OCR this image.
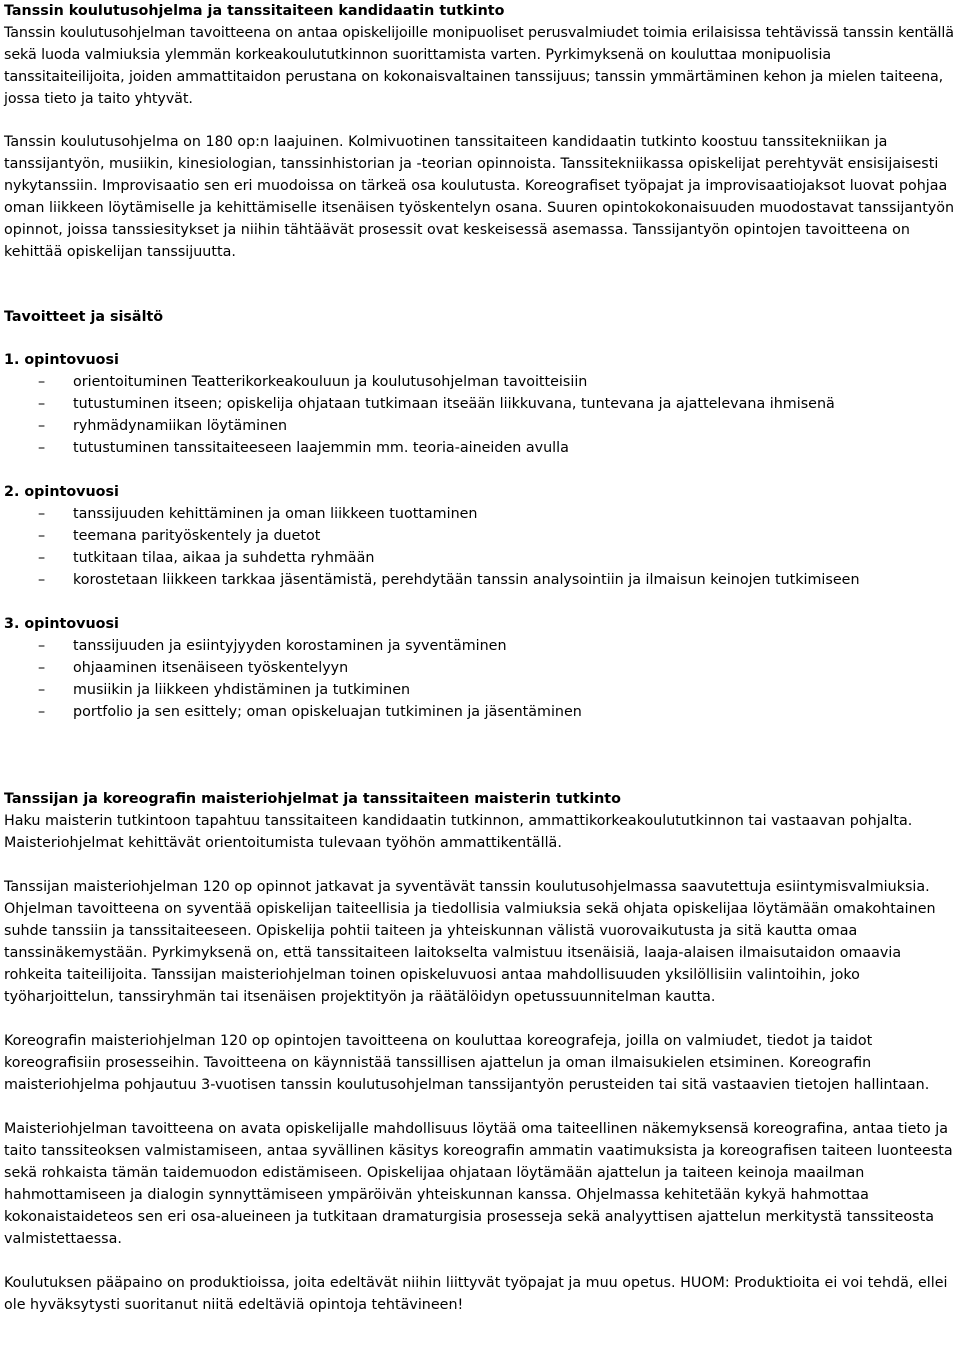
Tanssin koulutusohjelma ja tanssitaiteen kandidaatin tutkinto

Tanssin koulutusohjelman tavoitteena on antaa opiskelijoille monipuoliset perusvalmiudet toimia erilaisissa tehtävissä tanssin kentällä sekä luoda valmiuksia ylemmän korkeakoulututkinnon suorittamista varten. Pyrkimyksenä on kouluttaa monipuolisia tanssitaiteilijoita, joiden ammattitaidon perustana on kokonaisvaltainen tanssijuus; tanssin ymmärtäminen kehon ja mielen taiteena, jossa tieto ja taito yhtyvät.

Tanssin koulutusohjelma on 180 op:n laajuinen. Kolmivuotinen tanssitaiteen kandidaatin tutkinto koostuu tanssitekniikan ja tanssijantyön, musiikin, kinesiologian, tanssinhistorian ja -teorian opinnoista. Tanssitekniikassa opiskelijat perehtyvät ensisijaisesti nykytanssiin. Improvisaatio sen eri muodoissa on tärkeä osa koulutusta. Koreografiset työpajat ja improvisaatiojaksot luovat pohjaa oman liikkeen löytämiselle ja kehittämiselle itsenäisen työskentelyn osana. Suuren opintokokonaisuuden muodostavat tanssijantyön opinnot, joissa tanssiesitykset ja niihin tähtäävät prosessit ovat keskeisessä asemassa. Tanssijantyön opintojen tavoitteena on kehittää opiskelijan tanssijuutta.

Tavoitteet ja sisältö
1. opintovuosi
– orientoituminen Teatterikorkeakouluun ja koulutusohjelman tavoitteisiin
– tutustuminen itseen; opiskelija ohjataan tutkimaan itseään liikkuvana, tuntevana ja ajattelevana ihmisenä
– ryhmädynamiikan löytäminen
– tutustuminen tanssitaiteeseen laajemmin mm. teoria-aineiden avulla
2. opintovuosi
– tanssijuuden kehittäminen ja oman liikkeen tuottaminen
– teemana parityöskentely ja duetot
– tutkitaan tilaa, aikaa ja suhdetta ryhmään
– korostetaan liikkeen tarkkaa jäsentämistä, perehdytään tanssin analysointiin ja ilmaisun keinojen tutkimiseen
3. opintovuosi
– tanssijuuden ja esiintyjyyden korostaminen ja syventäminen
– ohjaaminen itsenäiseen työskentelyyn
– musiikin ja liikkeen yhdistäminen ja tutkiminen
– portfolio ja sen esittely; oman opiskeluajan tutkiminen ja jäsentäminen
Tanssijan ja koreografin maisteriohjelmat ja tanssitaiteen maisterin tutkinto

Haku maisterin tutkintoon tapahtuu tanssitaiteen kandidaatin tutkinnon, ammattikorkeakoulututkinnon tai vastaavan pohjalta. Maisteriohjelmat kehittävät orientoitumista tulevaan työhön ammattikentällä.

Tanssijan maisteriohjelman 120 op opinnot jatkavat ja syventävät tanssin koulutusohjelmassa saavutettuja esiintymisvalmiuksia. Ohjelman tavoitteena on syventää opiskelijan taiteellisia ja tiedollisia valmiuksia sekä ohjata opiskelijaa löytämään omakohtainen suhde tanssiin ja tanssitaiteeseen. Opiskelija pohtii taiteen ja yhteiskunnan välistä vuorovaikutusta ja sitä kautta omaa tanssinäkemystään. Pyrkimyksenä on, että tanssitaiteen laitokselta valmistuu itsenäisiä, laaja-alaisen ilmaisutaidon omaavia rohkeita taiteilijoita. Tanssijan maisteriohjelman toinen opiskeluvuosi antaa mahdollisuuden yksilöllisiin valintoihin, joko työharjoittelun, tanssiryhmän tai itsenäisen projektityön ja räätälöidyn opetussuunnitelman kautta.

Koreografin maisteriohjelman 120 op opintojen tavoitteena on kouluttaa koreografeja, joilla on valmiudet, tiedot ja taidot koreografisiin prosesseihin. Tavoitteena on käynnistää tanssillisen ajattelun ja oman ilmaisukielen etsiminen. Koreografin maisteriohjelma pohjautuu 3-vuotisen tanssin koulutusohjelman tanssijantyön perusteiden tai sitä vastaavien tietojen hallintaan.

Maisteriohjelman tavoitteena on avata opiskelijalle mahdollisuus löytää oma taiteellinen näkemyksensä koreografina, antaa tieto ja taito tanssiteoksen valmistamiseen, antaa syvällinen käsitys koreografin ammatin vaatimuksista ja koreografisen taiteen luonteesta sekä rohkaista tämän taidemuodon edistämiseen. Opiskelijaa ohjataan löytämään ajattelun ja taiteen keinoja maailman hahmottamiseen ja dialogin synnyttämiseen ympäröivän yhteiskunnan kanssa. Ohjelmassa kehitetään kykyä hahmottaa kokonaistaideteos sen eri osa-alueineen ja tutkitaan dramaturgisia prosesseja sekä analyyttisen ajattelun merkitystä tanssiteosta valmistettaessa.

Koulutuksen pääpaino on produktioissa, joita edeltävät niihin liittyvät työpajat ja muu opetus. HUOM: Produktioita ei voi tehdä, ellei ole hyväksytysti suoritanut niitä edeltäviä opintoja tehtävineen!
